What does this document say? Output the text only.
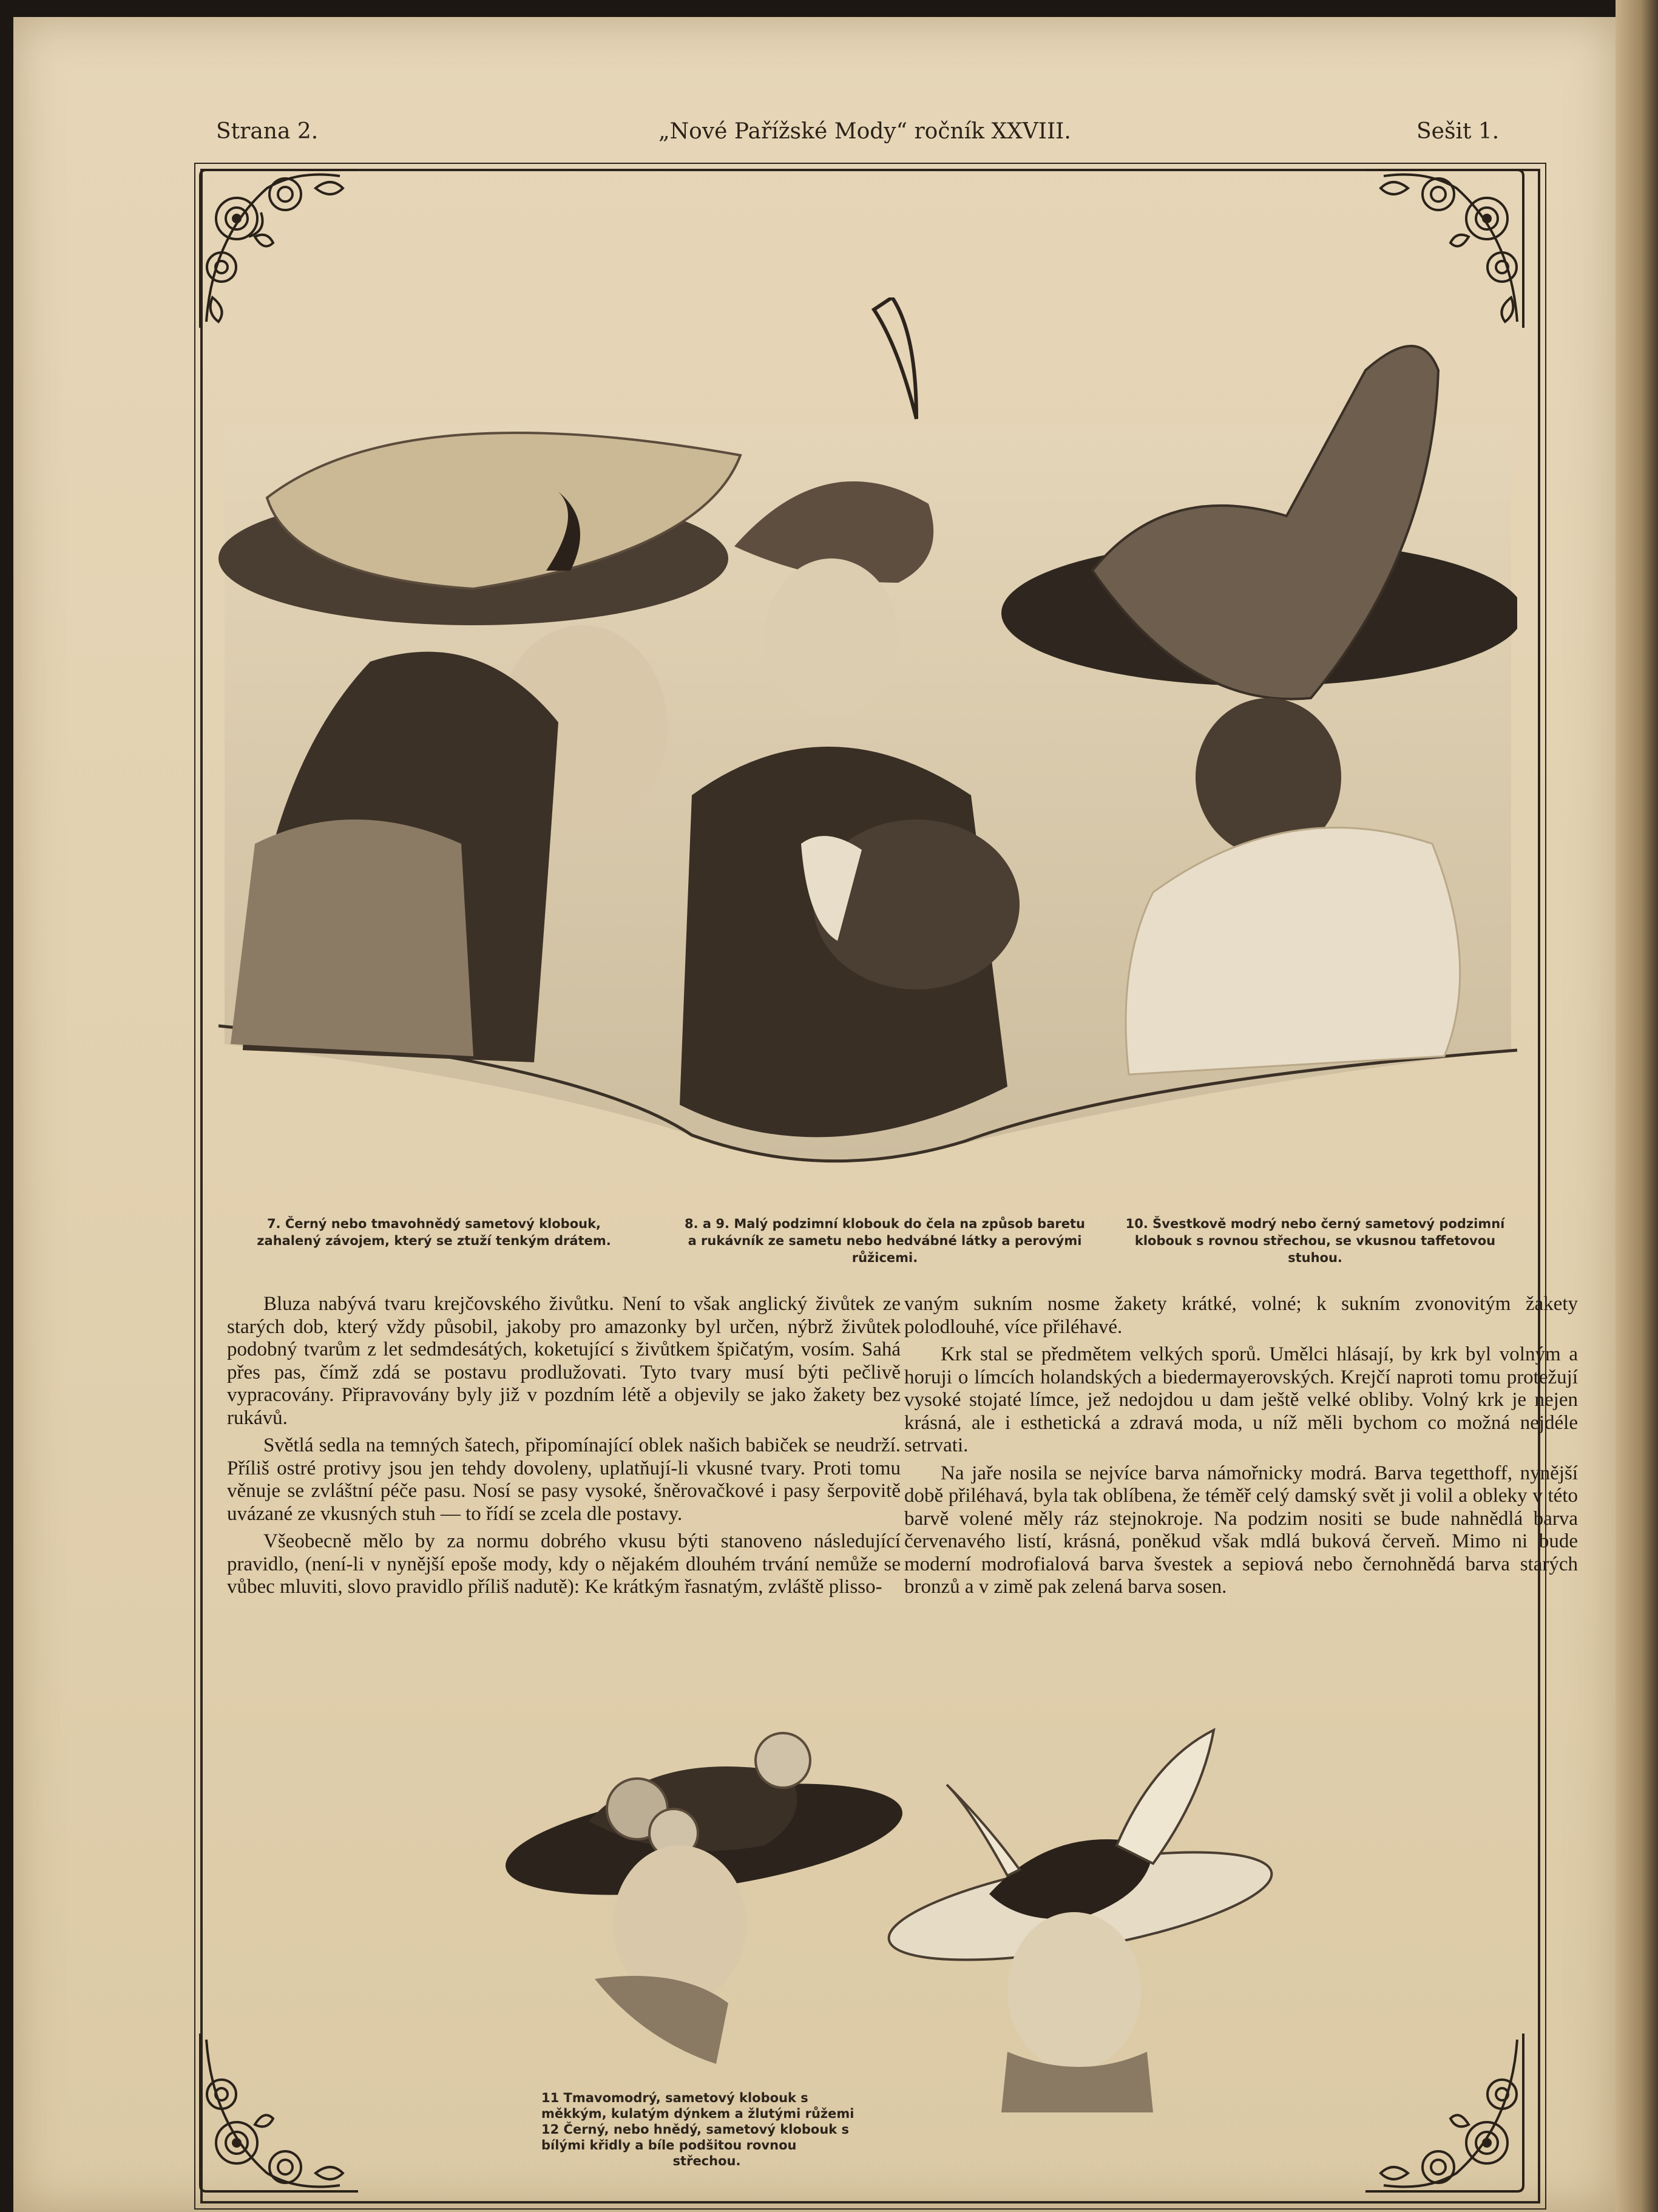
Strana 2.	„Nové Pařížské Mody“ ročník XXVIII.	Sešit 1.
7. Černý nebo tmavohnědý sametový klobouk, zahalený závojem, který se ztuží tenkým drátem.
8. a 9. Malý podzimní klobouk do čela na způsob baretu a rukávník ze sametu nebo hedvábné látky a perovými růžicemi.
10. Švestkově modrý nebo černý sametový podzimní klobouk s rovnou střechou, se vkusnou taffetovou stuhou.

Bluza nabývá tvaru krejčovského živůtku. Není to však anglický živůtek ze starých dob, který vždy působil, jakoby pro amazonky byl určen, nýbrž živůtek podobný tvarům z let sedmdesátých, koketující s živůtkem špičatým, vosím. Sahá přes pas, čímž zdá se postavu prodlužovati. Tyto tvary musí býti pečlivě vypracovány. Připravovány byly již v pozdním létě a objevily se jako žakety bez rukávů.

Světlá sedla na temných šatech, připomínající oblek našich babiček se neudrží. Příliš ostré protivy jsou jen tehdy dovoleny, uplatňují-li vkusné tvary. Proti tomu věnuje se zvláštní péče pasu. Nosí se pasy vysoké, šněrovačkové i pasy šerpovitě uvázané ze vkusných stuh — to řídí se zcela dle postavy.

Všeobecně mělo by za normu dobrého vkusu býti stanoveno následující pravidlo, (není-li v nynější epoše mody, kdy o nějakém dlouhém trvání nemůže se vůbec mluviti, slovo pravidlo příliš nadutě): Ke krátkým řasnatým, zvláště plisso-

vaným sukním nosme žakety krátké, volné; k sukním zvonovitým žakety polodlouhé, více přiléhavé.

Krk stal se předmětem velkých sporů. Umělci hlásají, by krk byl volným a horuji o límcích holandských a biedermayerovských. Krejčí naproti tomu protežují vysoké stojaté límce, jež nedojdou u dam ještě velké obliby. Volný krk je nejen krásná, ale i esthetická a zdravá moda, u níž měli bychom co možná nejdéle setrvati.

Na jaře nosila se nejvíce barva námořnicky modrá. Barva tegetthoff, nynější době přiléhavá, byla tak oblíbena, že téměř celý damský svět ji volil a obleky v této barvě volené měly ráz stejnokroje. Na podzim nositi se bude nahnědlá barva červenavého listí, krásná, poněkud však mdlá buková červeň. Mimo ni bude moderní modrofialová barva švestek a sepiová nebo černohnědá barva starých bronzů a v zimě pak zelená barva sosen.

11 Tmavomodrý, sametový klobouk s měkkým, kulatým dýnkem a žlutými růžemi
12 Černý, nebo hnědý, sametový klobouk s bílými křidly a bíle podšitou rovnou
střechou.
